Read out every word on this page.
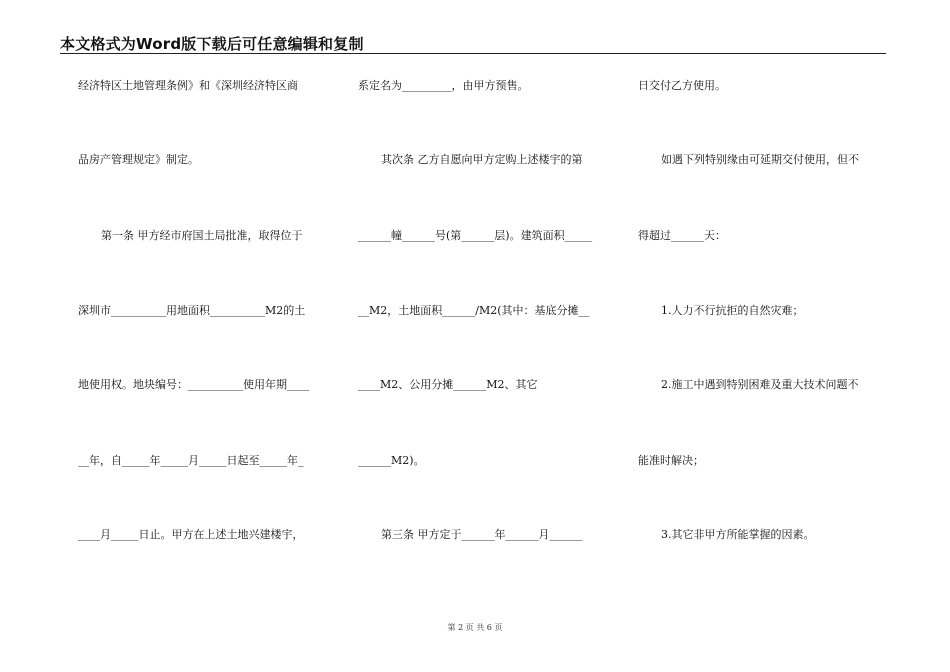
本文格式为Word版下载后可任意编辑和复制
经济特区土地管理条例》和《深圳经济特区商
品房产管理规定》制定。
第一条 甲方经市府国土局批准，取得位于
深圳市__________用地面积__________M2的土
地使用权。地块编号：__________使用年期____
__年，自_____年_____月_____日起至_____年_
____月_____日止。甲方在上述土地兴建楼宇，
系定名为_________，由甲方预售。
其次条 乙方自愿向甲方定购上述楼宇的第
______幢______号(第______层)。建筑面积_____
__M2，土地面积______/M2(其中：基底分摊__
____M2、公用分摊______M2、其它
______M2)。
第三条 甲方定于______年______月______
日交付乙方使用。
如遇下列特别缘由可延期交付使用，但不
得超过______天：
1.人力不行抗拒的自然灾难；
2.施工中遇到特别困难及重大技术问题不
能准时解决；
3.其它非甲方所能掌握的因素。
第 2 页 共 6 页
